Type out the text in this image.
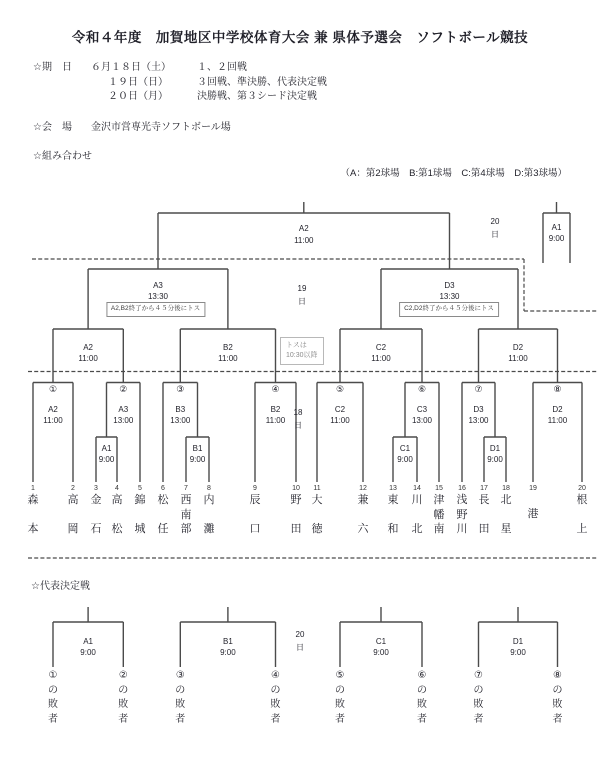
令和４年度　加賀地区中学校体育大会 兼 県体予選会　ソフトボール競技
☆期　日 ６月１８日（土）	１、２回戦
１９日（日）	３回戦、準決勝、代表決定戦
２０日（月）	決勝戦、第３シード決定戦
☆会　場 金沢市営専光寺ソフトボール場
☆組み合わせ
（A：第2球場　B:第1球場　C:第4球場　D:第3球場）
A2
11:00
20
日
A1
9:00
A3
13:30
A2,B2終了から４５分後にトス
D3
13:30
C2,D2終了から４５分後にトス
19
日
A2
11:00
B2
11:00
C2
11:00
D2
11:00
トスは
10:30以降
①	②	③	④	⑤	⑥	⑦	⑧
A2
11:00
A3
13:00
B3
13:00
B2
11:00
C2
11:00
C3
13:00
D3
13:00
D2
11:00
18
日
A1
9:00
B1
9:00
C1
9:00
D1
9:00
1	2	3 4	5	6	7	8	9	10 11	12	13 14 15 16 17 18	19	20
森本
高岡
金石
高松
錦城
松任
西南部
内灘
辰口
野田
大徳
兼六
東和
川北
津幡南
浅野川
長田
北星
港
根上
☆代表決定戦
20
日
A1
9:00
B1
9:00
C1
9:00
D1
9:00
①の敗者
②の敗者
③の敗者
④の敗者
⑤の敗者
⑥の敗者
⑦の敗者
⑧の敗者
